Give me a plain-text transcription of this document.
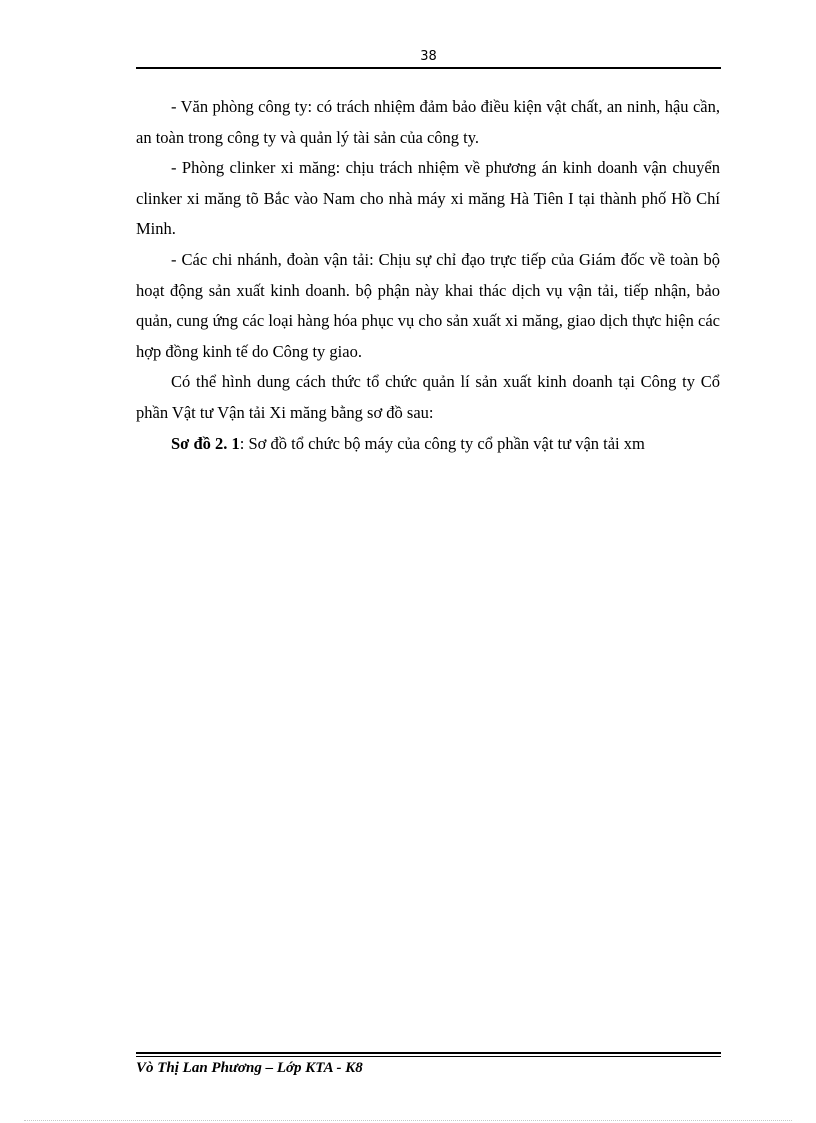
38

- Văn phòng công ty: có trách nhiệm đảm bảo điều kiện vật chất, an ninh, hậu cần, an toàn trong công ty và quản lý tài sản của công ty.

- Phòng clinker xi măng: chịu trách nhiệm về phương án kinh doanh vận chuyển clinker xi măng tõ Bắc vào Nam cho nhà máy xi măng Hà Tiên I tại thành phố Hồ Chí Minh.

- Các chi nhánh, đoàn vận tải: Chịu sự chỉ đạo trực tiếp của Giám đốc về toàn bộ hoạt động sản xuất kinh doanh. bộ phận này khai thác dịch vụ vận tải, tiếp nhận, bảo quản, cung ứng các loại hàng hóa phục vụ cho sản xuất xi măng, giao dịch thực hiện các hợp đồng kinh tế do Công ty giao.

Có thể hình dung cách thức tổ chức quản lí sản xuất kinh doanh tại Công ty Cổ phần Vật tư Vận tải Xi măng bằng sơ đồ sau:

Sơ đồ 2. 1: Sơ đồ tổ chức bộ máy của công ty cổ phần vật tư vận tải xm

Vò Thị Lan Phương – Lớp KTA - K8
